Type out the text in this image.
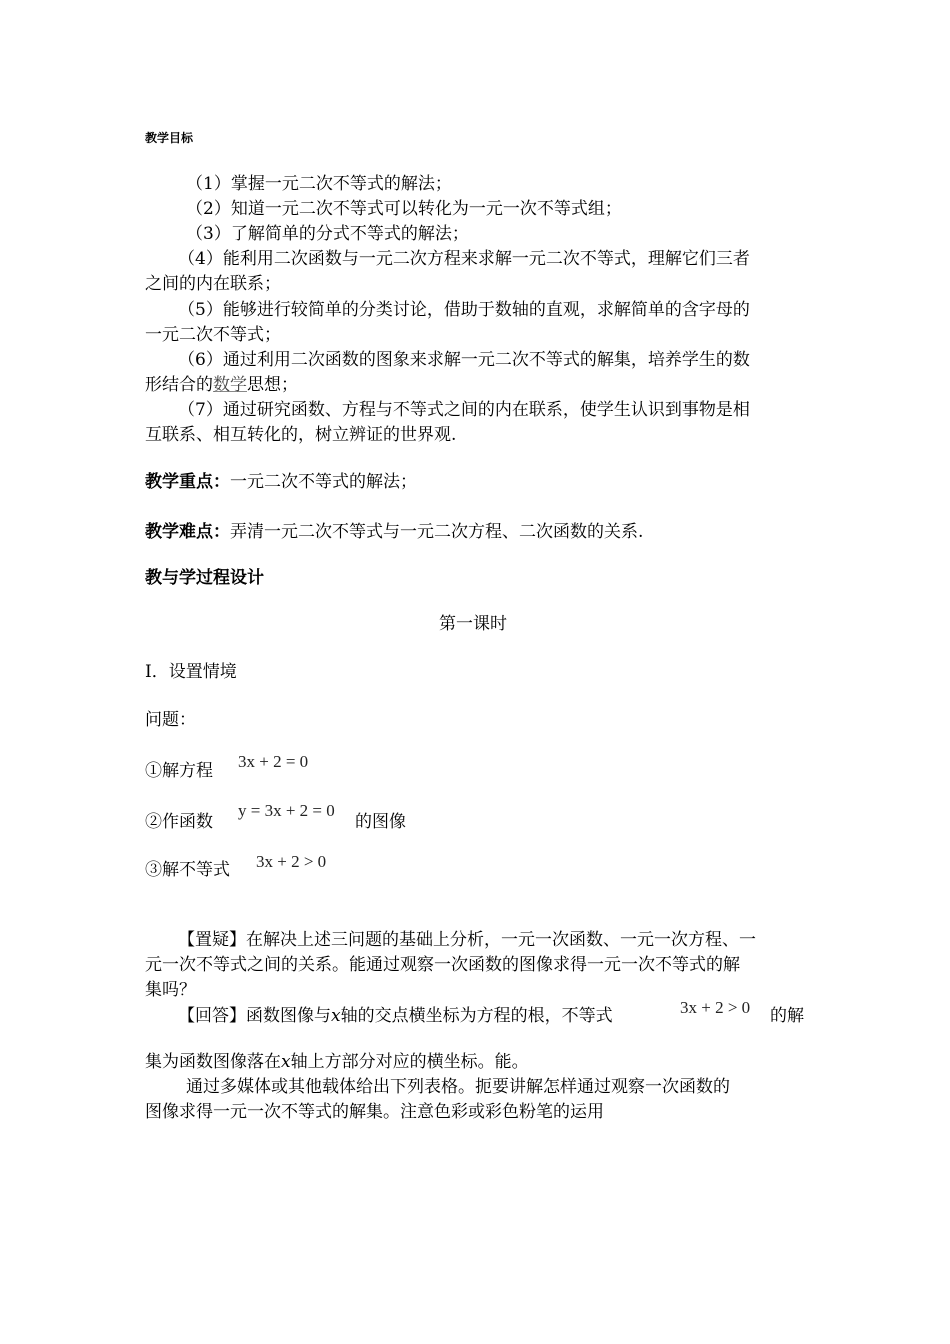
教学目标
（1）掌握一元二次不等式的解法；
（2）知道一元二次不等式可以转化为一元一次不等式组；
（3）了解简单的分式不等式的解法；
（4）能利用二次函数与一元二次方程来求解一元二次不等式，理解它们三者
之间的内在联系；
（5）能够进行较简单的分类讨论，借助于数轴的直观，求解简单的含字母的
一元二次不等式；
（6）通过利用二次函数的图象来求解一元二次不等式的解集，培养学生的数
形结合的数学思想；
（7）通过研究函数、方程与不等式之间的内在联系，使学生认识到事物是相
互联系、相互转化的，树立辨证的世界观.
教学重点：一元二次不等式的解法；
教学难点：弄清一元二次不等式与一元二次方程、二次函数的关系.
教与学过程设计
第一课时
Ⅰ．设置情境
问题：
①解方程 3x + 2 = 0
②作函数
y = 3x + 2 = 0
的图像
③解不等式 3x + 2 > 0
【置疑】在解决上述三问题的基础上分析，一元一次函数、一元一次方程、一
元一次不等式之间的关系。能通过观察一次函数的图像求得一元一次不等式的解
集吗？
【回答】函数图像与x轴的交点横坐标为方程的根，不等式	3x + 2 > 0 的解
集为函数图像落在x轴上方部分对应的横坐标。能。
通过多媒体或其他载体给出下列表格。扼要讲解怎样通过观察一次函数的
图像求得一元一次不等式的解集。注意色彩或彩色粉笔的运用
